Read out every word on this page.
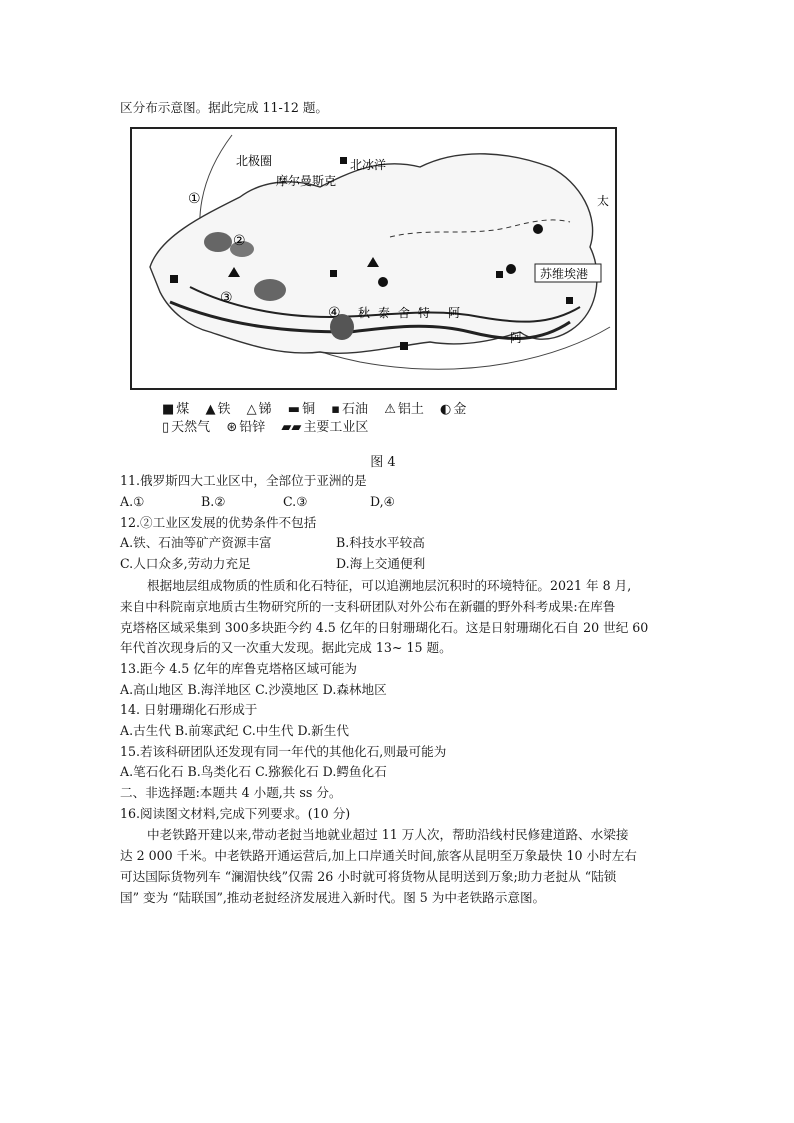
区分布示意图。据此完成 11-12 题。
苏维埃港
北极圈
摩尔曼斯克
北冰洋
太
①
②
③
④ 秋 泰 舍 特 阿
阿
■ 煤 ▲ 铁 △ 锑 ▬ 铜 ▪ 石油 ⚠ 铝土 ◐ 金
▯ 天然气 ⊛ 铅锌 ▰▰ 主要工业区
图 4
11.俄罗斯四大工业区中，全部位于亚洲的是
A.①	B.②	C.③	D,④
12.②工业区发展的优势条件不包括
A.铁、石油等矿产资源丰富	B.科技水平较高
C.人口众多,劳动力充足	D.海上交通便利
根据地层组成物质的性质和化石特征，可以追溯地层沉积时的环境特征。2021 年 8 月,
来自中科院南京地质古生物研究所的一支科研团队对外公布在新疆的野外科考成果:在库鲁
克塔格区域采集到 300多块距今约 4.5 亿年的日射珊瑚化石。这是日射珊瑚化石自 20 世纪 60
年代首次现身后的又一次重大发现。据此完成 13~ 15 题。
13.距今 4.5 亿年的库鲁克塔格区域可能为
A.高山地区 B.海洋地区 C.沙漠地区 D.森林地区
14. 日射珊瑚化石形成于
A.古生代 B.前寒武纪 C.中生代 D.新生代
15.若该科研团队还发现有同一年代的其他化石,则最可能为
A.笔石化石 B.鸟类化石 C.猕猴化石 D.鳄鱼化石
二、非选择题:本题共 4 小题,共 ss 分。
16.阅读图文材料,完成下列要求。(10 分)
中老铁路开建以来,带动老挝当地就业超过 11 万人次，帮助沿线村民修建道路、水梁接
达 2 000 千米。中老铁路开通运营后,加上口岸通关时间,旅客从昆明至万象最快 10 小时左右
可达国际货物列车 “澜湄快线”仅需 26 小时就可将货物从昆明送到万象;助力老挝从 “陆锁
国” 变为 “陆联国”,推动老挝经济发展进入新时代。图 5 为中老铁路示意图。
